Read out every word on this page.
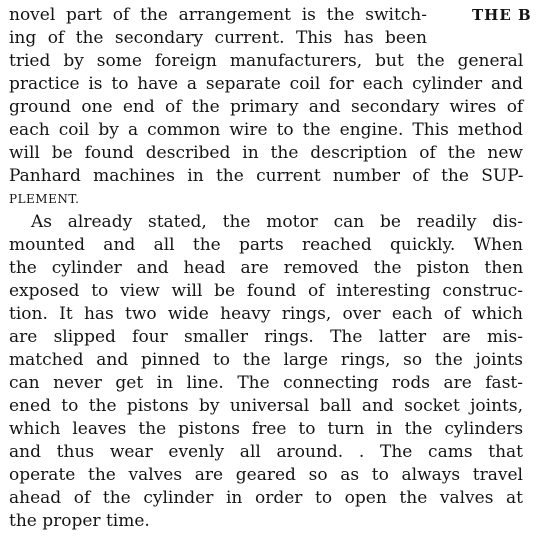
THE B
novel part of the arrangement is the switch-
ing of the secondary current. This has been
tried by some foreign manufacturers, but the general
practice is to have a separate coil for each cylinder and
ground one end of the primary and secondary wires of
each coil by a common wire to the engine. This method
will be found described in the description of the new
Panhard machines in the current number of the SUP-
PLEMENT.
As already stated, the motor can be readily dis-
mounted and all the parts reached quickly. When
the cylinder and head are removed the piston then
exposed to view will be found of interesting construc-
tion. It has two wide heavy rings, over each of which
are slipped four smaller rings. The latter are mis-
matched and pinned to the large rings, so the joints
can never get in line. The connecting rods are fast-
ened to the pistons by universal ball and socket joints,
which leaves the pistons free to turn in the cylinders
and thus wear evenly all around. . The cams that
operate the valves are geared so as to always travel
ahead of the cylinder in order to open the valves at
the proper time.
